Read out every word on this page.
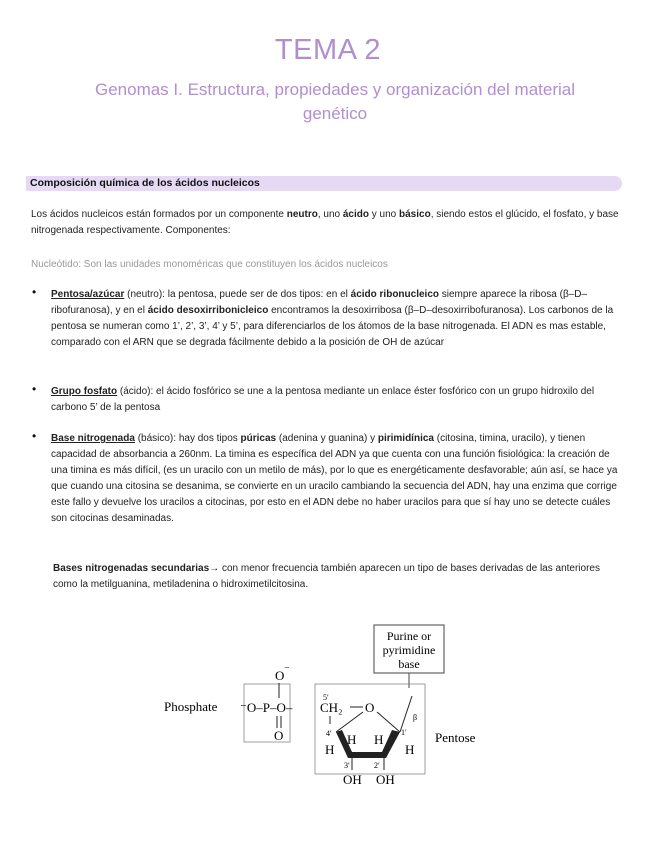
TEMA 2
Genomas I. Estructura, propiedades y organización del material genético
Composición química de los ácidos nucleicos
Los ácidos nucleicos están formados por un componente neutro, uno ácido y uno básico, siendo estos el glúcido, el fosfato, y base nitrogenada respectivamente. Componentes:
Nucleótido: Son las unidades monoméricas que constituyen los ácidos nucleicos
• Pentosa/azúcar (neutro): la pentosa, puede ser de dos tipos: en el ácido ribonucleico siempre aparece la ribosa (β–D–ribofuranosa), y en el ácido desoxirribonicleico encontramos la desoxirribosa (β–D–desoxirribofuranosa). Los carbonos de la pentosa se numeran como 1’, 2’, 3’, 4’ y 5’, para diferenciarlos de los átomos de la base nitrogenada. El ADN es mas estable, comparado con el ARN que se degrada fácilmente debido a la posición de OH de azúcar
• Grupo fosfato (ácido): el ácido fosfórico se une a la pentosa mediante un enlace éster fosfórico con un grupo hidroxilo del carbono 5’ de la pentosa
• Base nitrogenada (básico): hay dos tipos púricas (adenina y guanina) y pirimidínica (citosina, timina, uracilo), y tienen capacidad de absorbancia a 260nm. La timina es específica del ADN ya que cuenta con una función fisiológica: la creación de una timina es más difícil, (es un uracilo con un metilo de más), por lo que es energéticamente desfavorable; aún así, se hace ya que cuando una citosina se desanima, se convierte en un uracilo cambiando la secuencia del ADN, hay una enzima que corrige este fallo y devuelve los uracilos a citocinas, por esto en el ADN debe no haber uracilos para que sí hay uno se detecte cuáles son citocinas desaminadas.
Bases nitrogenadas secundarias→ con menor frecuencia también aparecen un tipo de bases derivadas de las anteriores como la metilguanina, metiladenina o hidroximetilcitosina.
Purine or
pyrimidine
base
Phosphate
Pentose
O ⁻
⁻O–P–O–
O
5′
CH₂ O
β
1′
4′
H
H H
H
3′	2′
OH OH
